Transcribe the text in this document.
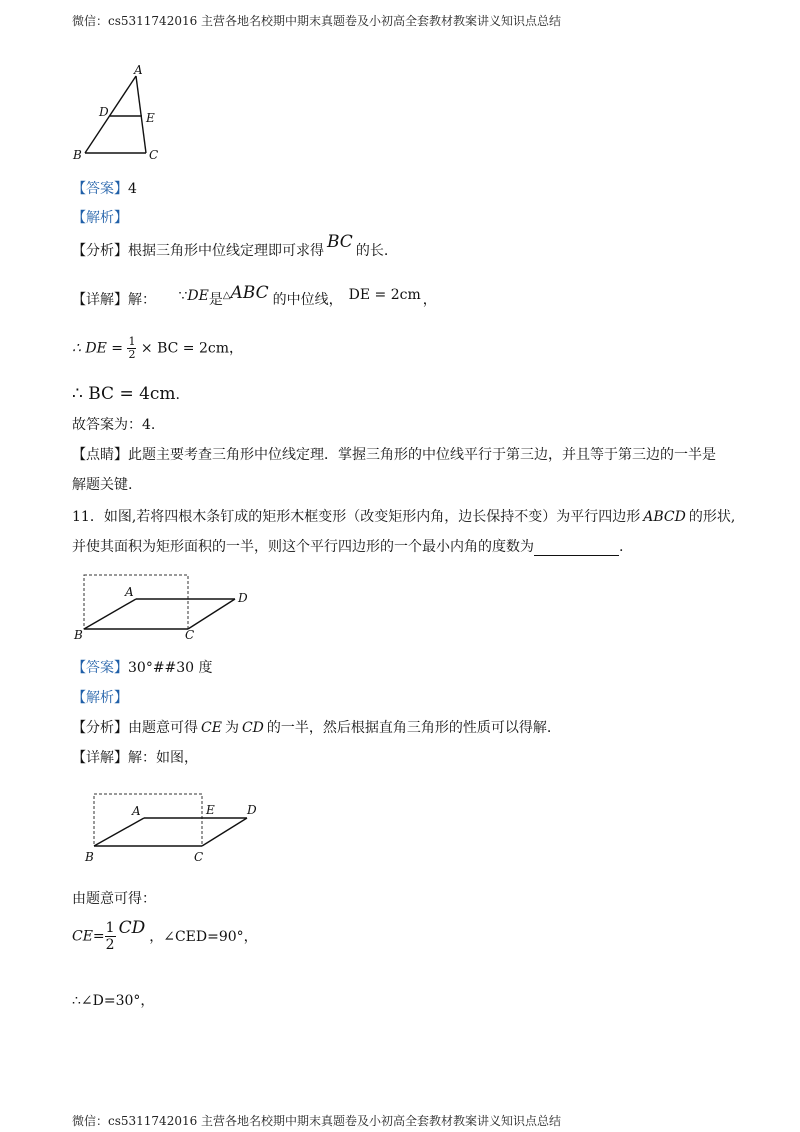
微信：cs5311742016 主营各地名校期中期末真题卷及小初高全套教材教案讲义知识点总结
A
D	E
B	C
【答案】4
【解析】
【分析】根据三角形中位线定理即可求得 BC 的长.
【详解】解： ∵DE是△ABC 的中位线， DE = 2cm ，
∴ DE = $\frac{1}{2}$ × BC = 2cm，
∴ BC = 4cm.
故答案为：4.
【点睛】此题主要考查三角形中位线定理．掌握三角形的中位线平行于第三边，并且等于第三边的一半是
解题关键.
11．如图,若将四根木条钉成的矩形木框变形（改变矩形内角，边长保持不变）为平行四边形 ABCD 的形状,
并使其面积为矩形面积的一半，则这个平行四边形的一个最小内角的度数为	.
A	D
B	C
【答案】30°##30 度
【解析】
【分析】由题意可得 CE 为 CD 的一半，然后根据直角三角形的性质可以得解.
【详解】解：如图，
A	E	D
B	C
由题意可得：
$CE= \frac{1}{2}$ CD ，∠CED=90°，
∴∠D=30°，
微信：cs5311742016 主营各地名校期中期末真题卷及小初高全套教材教案讲义知识点总结
